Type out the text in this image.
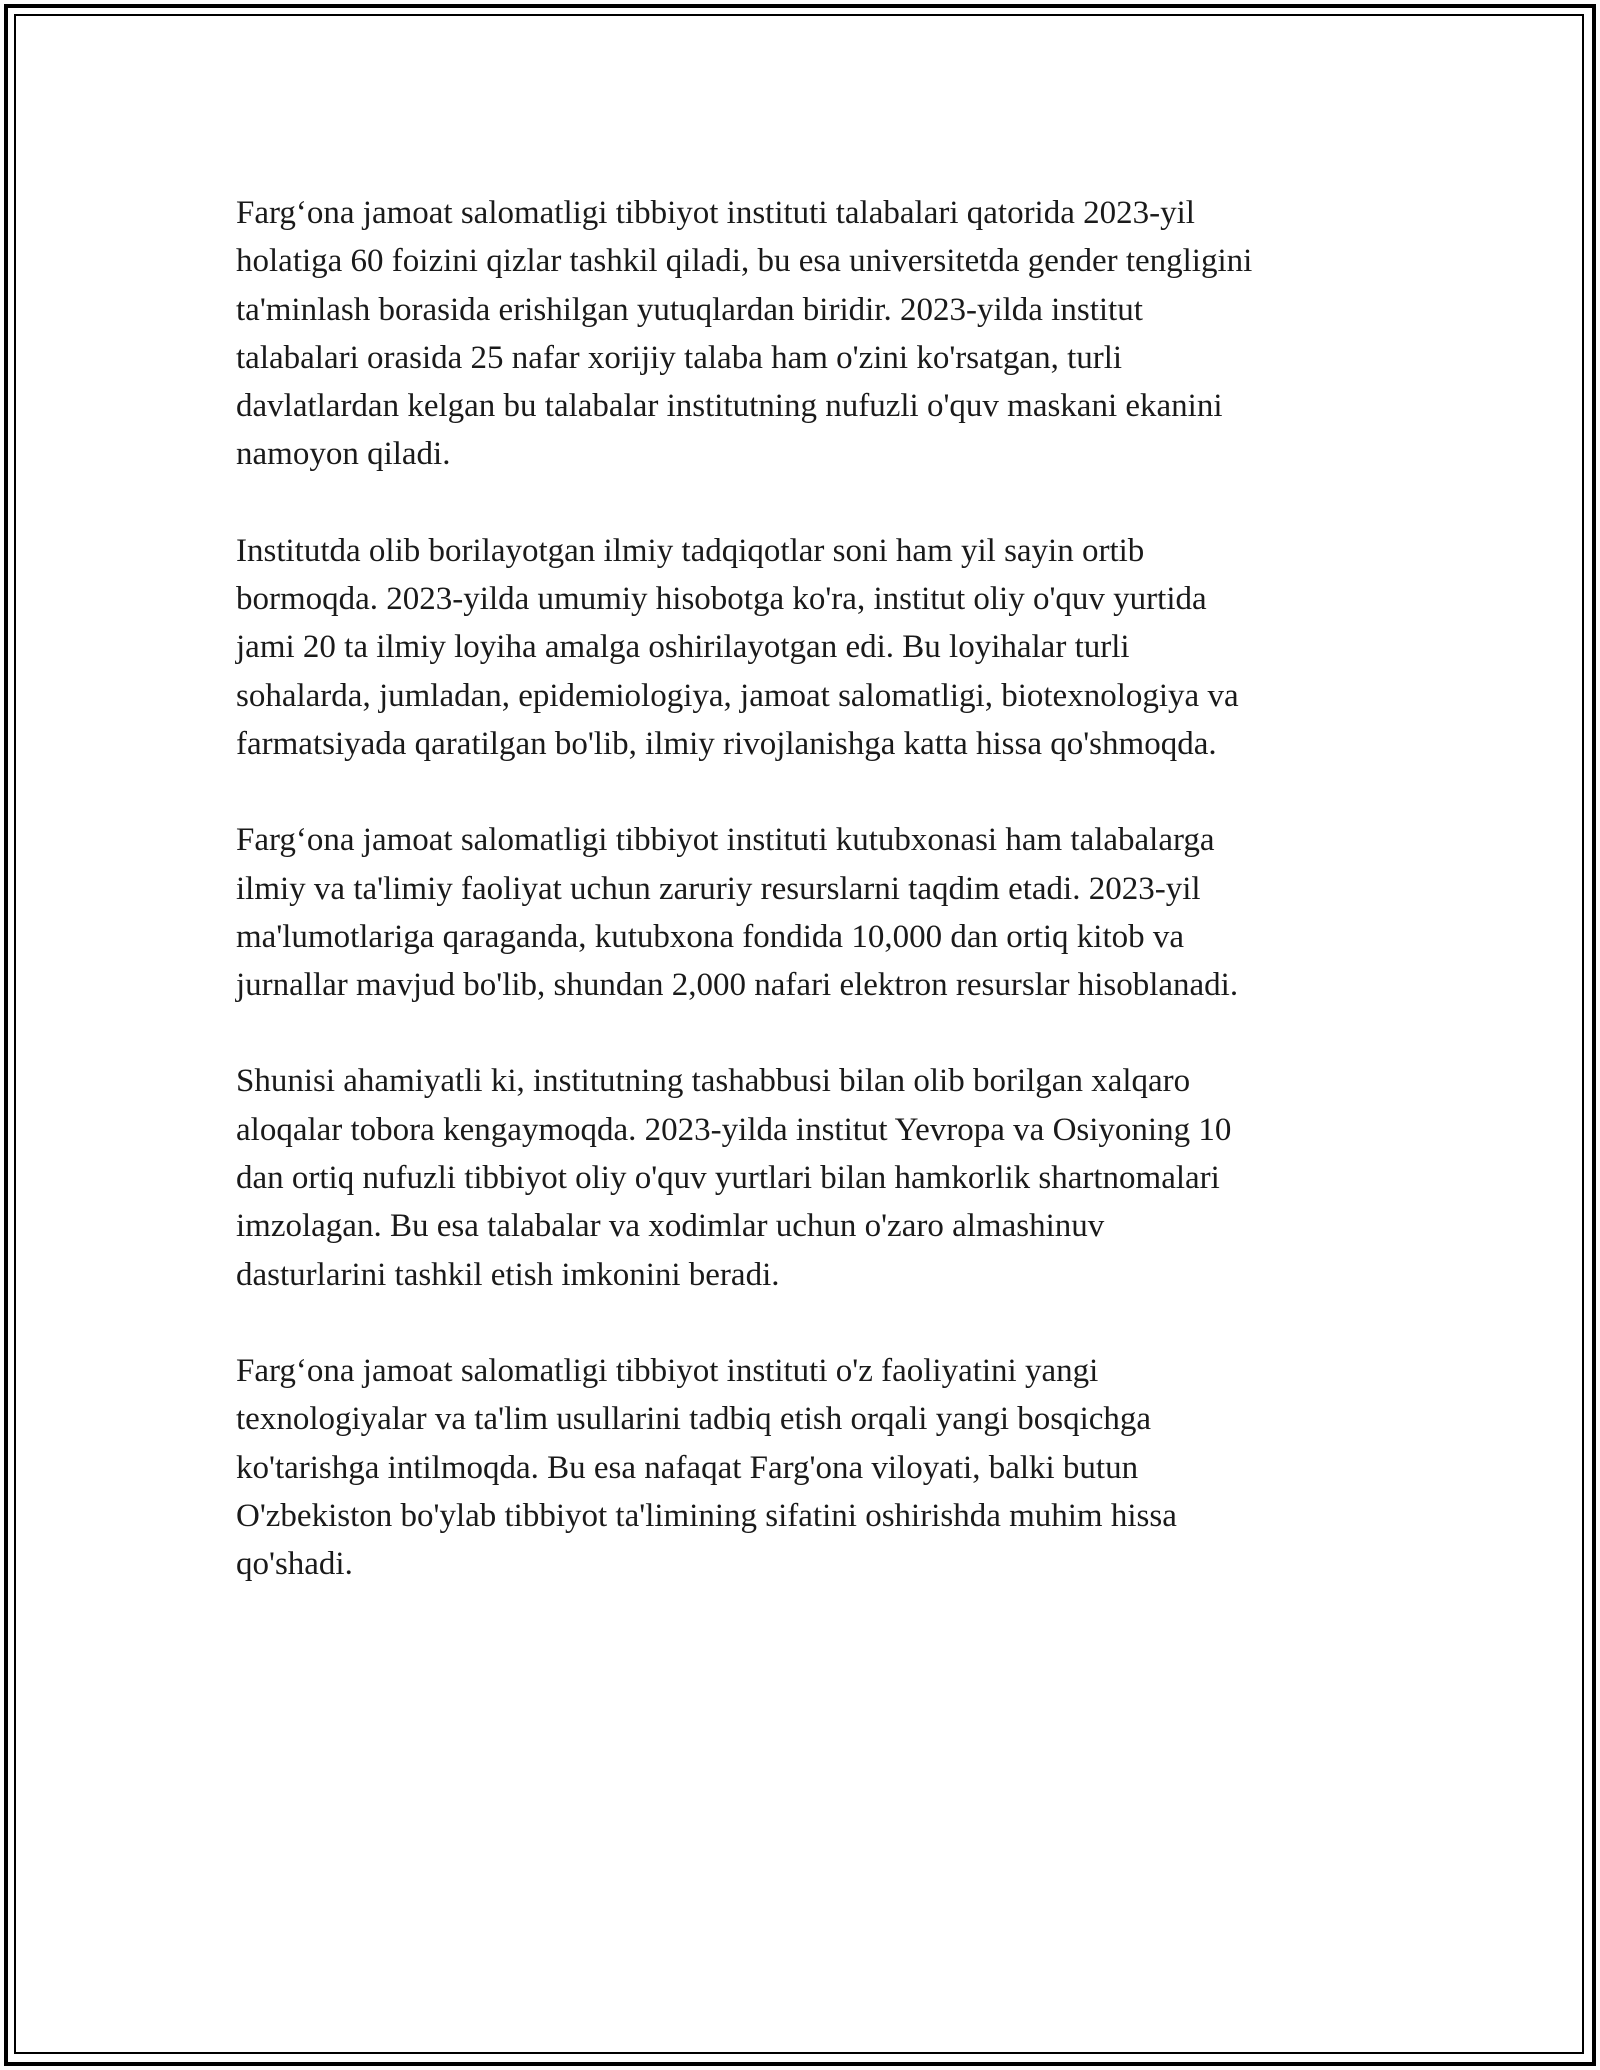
Farg‘ona jamoat salomatligi tibbiyot instituti talabalari qatorida 2023-yil
holatiga 60 foizini qizlar tashkil qiladi, bu esa universitetda gender tengligini
ta'minlash borasida erishilgan yutuqlardan biridir. 2023-yilda institut
talabalari orasida 25 nafar xorijiy talaba ham o'zini ko'rsatgan, turli
davlatlardan kelgan bu talabalar institutning nufuzli o'quv maskani ekanini
namoyon qiladi.

Institutda olib borilayotgan ilmiy tadqiqotlar soni ham yil sayin ortib
bormoqda. 2023-yilda umumiy hisobotga ko'ra, institut oliy o'quv yurtida
jami 20 ta ilmiy loyiha amalga oshirilayotgan edi. Bu loyihalar turli
sohalarda, jumladan, epidemiologiya, jamoat salomatligi, biotexnologiya va
farmatsiyada qaratilgan bo'lib, ilmiy rivojlanishga katta hissa qo'shmoqda.

Farg‘ona jamoat salomatligi tibbiyot instituti kutubxonasi ham talabalarga
ilmiy va ta'limiy faoliyat uchun zaruriy resurslarni taqdim etadi. 2023-yil
ma'lumotlariga qaraganda, kutubxona fondida 10,000 dan ortiq kitob va
jurnallar mavjud bo'lib, shundan 2,000 nafari elektron resurslar hisoblanadi.

Shunisi ahamiyatli ki, institutning tashabbusi bilan olib borilgan xalqaro
aloqalar tobora kengaymoqda. 2023-yilda institut Yevropa va Osiyoning 10
dan ortiq nufuzli tibbiyot oliy o'quv yurtlari bilan hamkorlik shartnomalari
imzolagan. Bu esa talabalar va xodimlar uchun o'zaro almashinuv
dasturlarini tashkil etish imkonini beradi.

Farg‘ona jamoat salomatligi tibbiyot instituti o'z faoliyatini yangi
texnologiyalar va ta'lim usullarini tadbiq etish orqali yangi bosqichga
ko'tarishga intilmoqda. Bu esa nafaqat Farg'ona viloyati, balki butun
O'zbekiston bo'ylab tibbiyot ta'limining sifatini oshirishda muhim hissa
qo'shadi.
